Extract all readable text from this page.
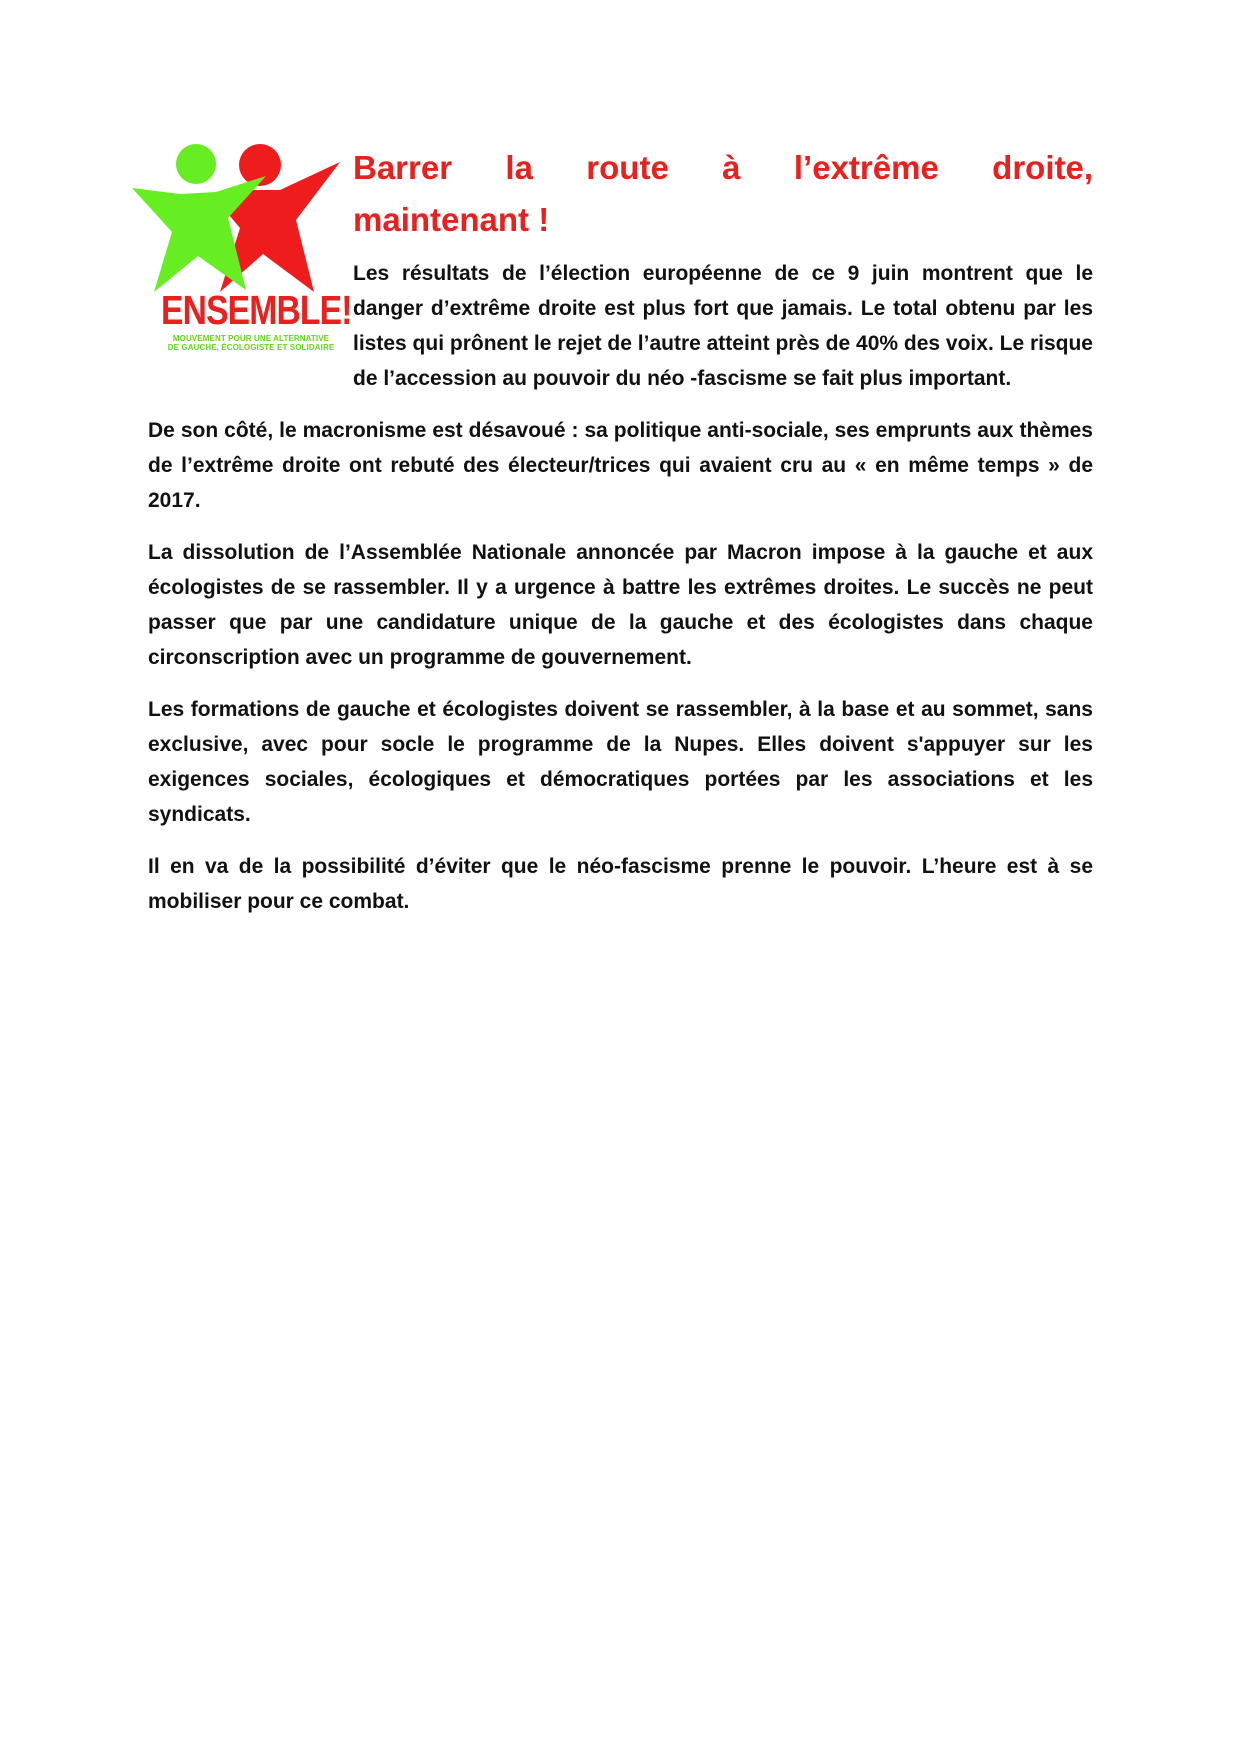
ENSEMBLE!
MOUVEMENT POUR UNE ALTERNATIVE
DE GAUCHE, ÉCOLOGISTE ET SOLIDAIRE
Barrer la route à l’extrême droite,
maintenant !

Les résultats de l’élection européenne de ce 9 juin montrent que le danger d’extrême droite est plus fort que jamais. Le total obtenu par les listes qui prônent le rejet de l’autre atteint près de 40% des voix. Le risque de l’accession au pouvoir du néo -fascisme se fait plus important.

De son côté, le macronisme est désavoué : sa politique anti-sociale, ses emprunts aux thèmes de l’extrême droite ont rebuté des électeur/trices qui avaient cru au « en même temps » de 2017.

La dissolution de l’Assemblée Nationale annoncée par Macron impose à la gauche et aux écologistes de se rassembler. Il y a urgence à battre les extrêmes droites. Le succès ne peut passer que par une candidature unique de la gauche et des écologistes dans chaque circonscription avec un programme de gouvernement.

Les formations de gauche et écologistes doivent se rassembler, à la base et au sommet, sans exclusive, avec pour socle le programme de la Nupes. Elles doivent s'appuyer sur les exigences sociales, écologiques et démocratiques portées par les associations et les syndicats.

Il en va de la possibilité d’éviter que le néo-fascisme prenne le pouvoir. L’heure est à se mobiliser pour ce combat.
